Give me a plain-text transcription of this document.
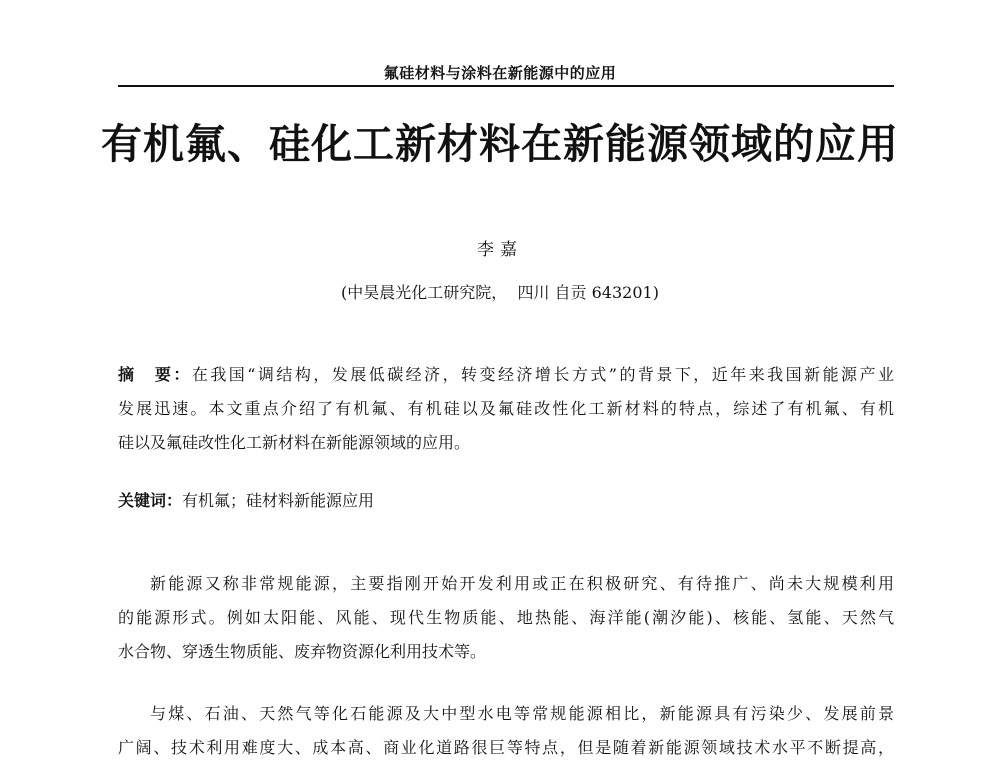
氟硅材料与涂料在新能源中的应用
有机氟、硅化工新材料在新能源领域的应用
李嘉
(中昊晨光化工研究院，  四川 自贡 643201)
摘　要：在我国“调结构，发展低碳经济，转变经济增长方式”的背景下，近年来我国新能源产业
发展迅速。本文重点介绍了有机氟、有机硅以及氟硅改性化工新材料的特点，综述了有机氟、有机
硅以及氟硅改性化工新材料在新能源领域的应用。
关键词：有机氟；硅材料新能源应用
新能源又称非常规能源，主要指刚开始开发利用或正在积极研究、有待推广、尚未大规模利用
的能源形式。例如太阳能、风能、现代生物质能、地热能、海洋能(潮汐能)、核能、氢能、天然气
水合物、穿透生物质能、废弃物资源化利用技术等。
与煤、石油、天然气等化石能源及大中型水电等常规能源相比，新能源具有污染少、发展前景
广阔、技术利用难度大、成本高、商业化道路很巨等特点，但是随着新能源领域技术水平不断提高，
